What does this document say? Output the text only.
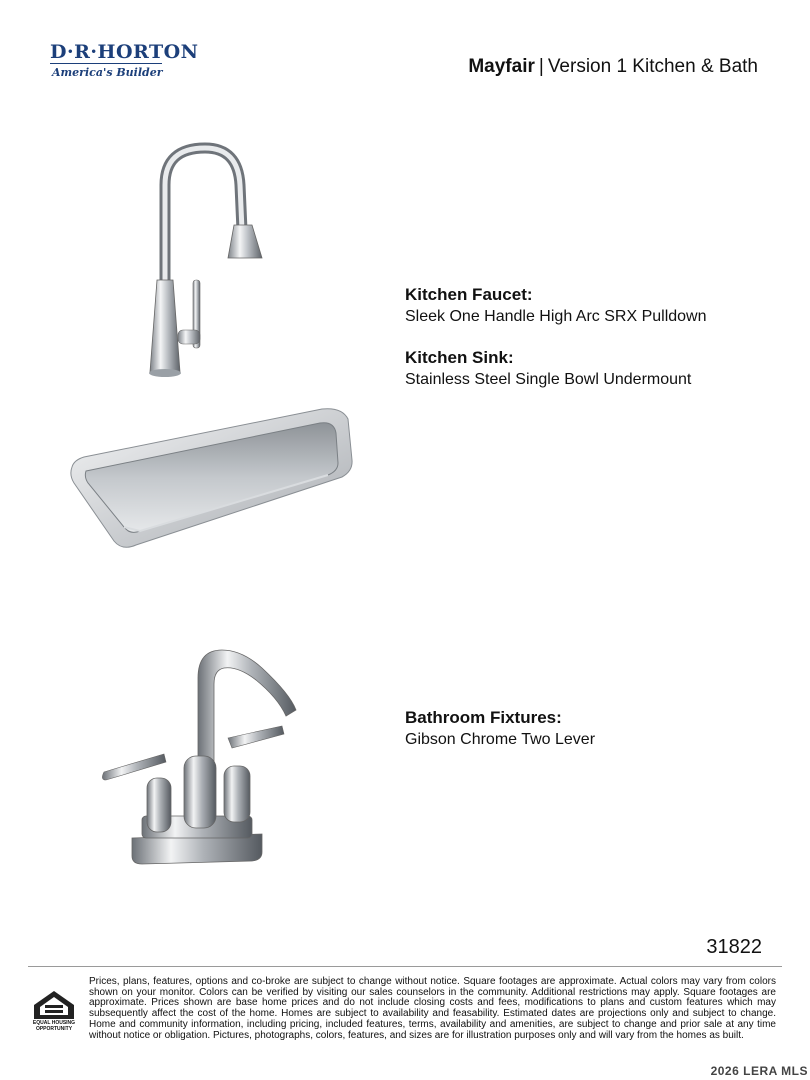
D·R·HORTON
America's Builder	Mayfair | Version 1 Kitchen & Bath
Kitchen Faucet:
Sleek One Handle High Arc SRX Pulldown
Kitchen Sink:
Stainless Steel Single Bowl Undermount
Bathroom Fixtures:
Gibson Chrome Two Lever
31822
EQUAL HOUSING OPPORTUNITY
Prices, plans, features, options and co-broke are subject to change without notice. Square footages are approximate. Actual colors may vary from colors shown on your monitor. Colors can be verified by visiting our sales counselors in the community. Additional restrictions may apply. Square footages are approximate. Prices shown are base home prices and do not include closing costs and fees, modifications to plans and custom features which may subsequently affect the cost of the home. Homes are subject to availability and feasability. Estimated dates are projections only and subject to change. Home and community information, including pricing, included features, terms, availability and amenities, are subject to change and prior sale at any time without notice or obligation. Pictures, photographs, colors, features, and sizes are for illustration purposes only and will vary from the homes as built.
2026 LERA MLS
